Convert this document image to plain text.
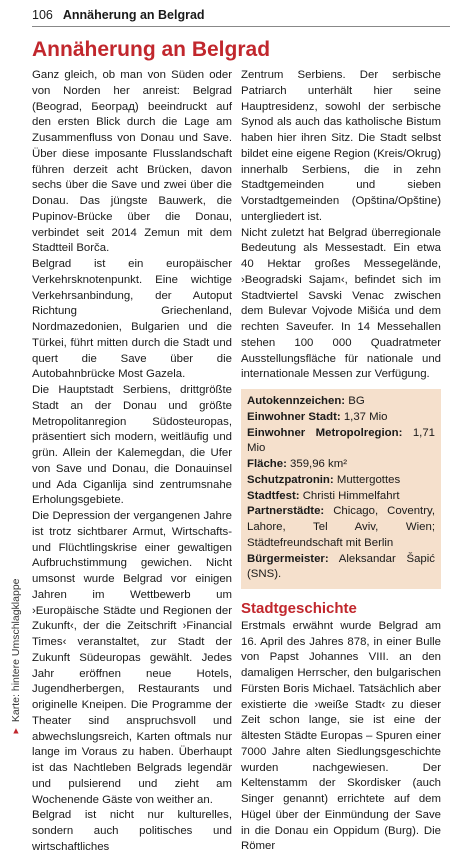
106 Annäherung an Belgrad
Annäherung an Belgrad

Ganz gleich, ob man von Süden oder von Norden her anreist: Belgrad (Beograd, Београд) beeindruckt auf den ersten Blick durch die Lage am Zusammenfluss von Donau und Save. Über diese imposante Flusslandschaft führen derzeit acht Brücken, davon sechs über die Save und zwei über die Donau. Das jüngste Bauwerk, die Pupinov-Brücke über die Donau, verbindet seit 2014 Zemun mit dem Stadtteil Borča.

Belgrad ist ein europäischer Verkehrsknotenpunkt. Eine wichtige Verkehrsanbindung, der Autoput Richtung Griechenland, Nordmazedonien, Bulgarien und die Türkei, führt mitten durch die Stadt und quert die Save über die Autobahnbrücke Most Gazela.

Die Hauptstadt Serbiens, drittgrößte Stadt an der Donau und größte Metropolitanregion Südosteuropas, präsentiert sich modern, weitläufig und grün. Allein der Kalemegdan, die Ufer von Save und Donau, die Donauinsel und Ada Ciganlija sind zentrumsnahe Erholungsgebiete.

Die Depression der vergangenen Jahre ist trotz sichtbarer Armut, Wirtschafts- und Flüchtlingskrise einer gewaltigen Aufbruchstimmung gewichen. Nicht umsonst wurde Belgrad vor einigen Jahren im Wettbewerb um ›Europäische Städte und Regionen der Zukunft‹, der die Zeitschrift ›Financial Times‹ veranstaltet, zur Stadt der Zukunft Südeuropas gewählt. Jedes Jahr eröffnen neue Hotels, Jugendherbergen, Restaurants und originelle Kneipen. Die Programme der Theater sind anspruchsvoll und abwechslungsreich, Karten oftmals nur lange im Voraus zu haben. Überhaupt ist das Nachtleben Belgrads legendär und pulsierend und zieht am Wochenende Gäste von weither an.

Belgrad ist nicht nur kulturelles, sondern auch politisches und wirtschaftliches

Zentrum Serbiens. Der serbische Patriarch unterhält hier seine Hauptresidenz, sowohl der serbische Synod als auch das katholische Bistum haben hier ihren Sitz. Die Stadt selbst bildet eine eigene Region (Kreis/Okrug) innerhalb Serbiens, die in zehn Stadtgemeinden und sieben Vorstadtgemeinden (Opština/Opštine) untergliedert ist.

Nicht zuletzt hat Belgrad überregionale Bedeutung als Messestadt. Ein etwa 40 Hektar großes Messegelände, ›Beogradski Sajam‹, befindet sich im Stadtviertel Savski Venac zwischen dem Bulevar Vojvode Mišića und dem rechten Saveufer. In 14 Messehallen stehen 100 000 Quadratmeter Ausstellungsfläche für nationale und internationale Messen zur Verfügung.

Autokennzeichen: BG

Einwohner Stadt: 1,37 Mio

Einwohner Metropolregion: 1,71 Mio

Fläche: 359,96 km²

Schutzpatronin: Muttergottes

Stadtfest: Christi Himmelfahrt

Partnerstädte: Chicago, Coventry, Lahore, Tel Aviv, Wien; Städtefreundschaft mit Berlin

Bürgermeister: Aleksandar Šapić (SNS).

Stadtgeschichte

Erstmals erwähnt wurde Belgrad am 16. April des Jahres 878, in einer Bulle von Papst Johannes VIII. an den damaligen Herrscher, den bulgarischen Fürsten Boris Michael. Tatsächlich aber existierte die ›weiße Stadt‹ zu dieser Zeit schon lange, sie ist eine der ältesten Städte Europas – Spuren einer 7000 Jahre alten Siedlungsgeschichte wurden nachgewiesen. Der Keltenstamm der Skordisker (auch Singer genannt) errichtete auf dem Hügel über der Einmündung der Save in die Donau ein Oppidum (Burg). Die Römer

▲
Karte: hintere Umschlagklappe
